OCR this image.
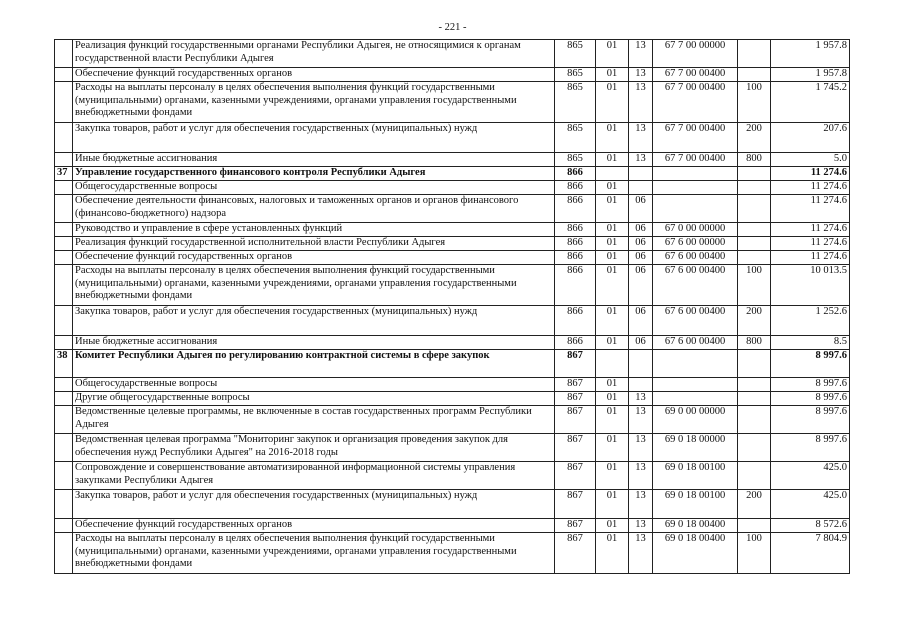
- 221 -
	Реализация функций государственными органами Республики Адыгея, не относящимися к органам государственной власти Республики Адыгея	865	01	13	67 7 00 00000		1 957.8
	Обеспечение функций государственных органов	865	01	13	67 7 00 00400		1 957.8
	Расходы на выплаты персоналу в целях обеспечения выполнения функций государственными (муниципальными) органами, казенными учреждениями, органами управления государственными внебюджетными фондами	865	01	13	67 7 00 00400	100	1 745.2
	Закупка товаров, работ и услуг для обеспечения государственных (муниципальных) нужд	865	01	13	67 7 00 00400	200	207.6
	Иные бюджетные ассигнования	865	01	13	67 7 00 00400	800	5.0
37	Управление государственного финансового контроля Республики Адыгея	866					11 274.6
	Общегосударственные вопросы	866	01				11 274.6
	Обеспечение деятельности финансовых, налоговых и таможенных органов и органов финансового (финансово-бюджетного) надзора	866	01	06			11 274.6
	Руководство и управление в сфере установленных функций	866	01	06	67 0 00 00000		11 274.6
	Реализация функций государственной исполнительной власти Республики Адыгея	866	01	06	67 6 00 00000		11 274.6
	Обеспечение функций государственных органов	866	01	06	67 6 00 00400		11 274.6
	Расходы на выплаты персоналу в целях обеспечения выполнения функций государственными (муниципальными) органами, казенными учреждениями, органами управления государственными внебюджетными фондами	866	01	06	67 6 00 00400	100	10 013.5
	Закупка товаров, работ и услуг для обеспечения государственных (муниципальных) нужд	866	01	06	67 6 00 00400	200	1 252.6
	Иные бюджетные ассигнования	866	01	06	67 6 00 00400	800	8.5
38	Комитет Республики Адыгея по регулированию контрактной системы в сфере закупок	867					8 997.6
	Общегосударственные вопросы	867	01				8 997.6
	Другие общегосударственные вопросы	867	01	13			8 997.6
	Ведомственные целевые программы, не включенные в состав государственных программ Республики Адыгея	867	01	13	69 0 00 00000		8 997.6
	Ведомственная целевая программа "Мониторинг закупок и организация проведения закупок для обеспечения нужд Республики Адыгея" на 2016-2018 годы	867	01	13	69 0 18 00000		8 997.6
	Сопровождение и совершенствование автоматизированной информационной системы управления закупками Республики Адыгея	867	01	13	69 0 18 00100		425.0
	Закупка товаров, работ и услуг для обеспечения государственных (муниципальных) нужд	867	01	13	69 0 18 00100	200	425.0
	Обеспечение функций государственных органов	867	01	13	69 0 18 00400		8 572.6
	Расходы на выплаты персоналу в целях обеспечения выполнения функций государственными (муниципальными) органами, казенными учреждениями, органами управления государственными внебюджетными фондами	867	01	13	69 0 18 00400	100	7 804.9
